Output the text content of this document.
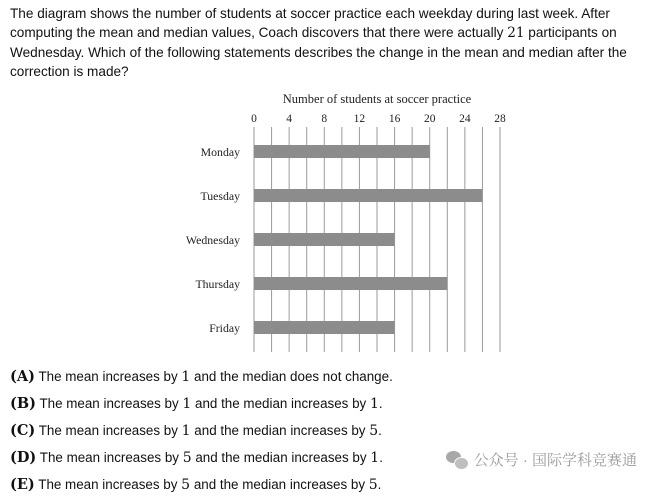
The diagram shows the number of students at soccer practice each weekday during last week. After computing the mean and median values, Coach discovers that there were actually 21 participants on Wednesday. Which of the following statements describes the change in the mean and median after the correction is made?
Number of students at soccer practice
0	4	8 12 16 20 24 28
Monday
Tuesday
Wednesday
Thursday
Friday
(A) The mean increases by 1 and the median does not change.
(B) The mean increases by 1 and the median increases by 1.
(C) The mean increases by 1 and the median increases by 5.
(D) The mean increases by 5 and the median increases by 1.
(E) The mean increases by 5 and the median increases by 5.
公众号 · 国际学科竞赛通
